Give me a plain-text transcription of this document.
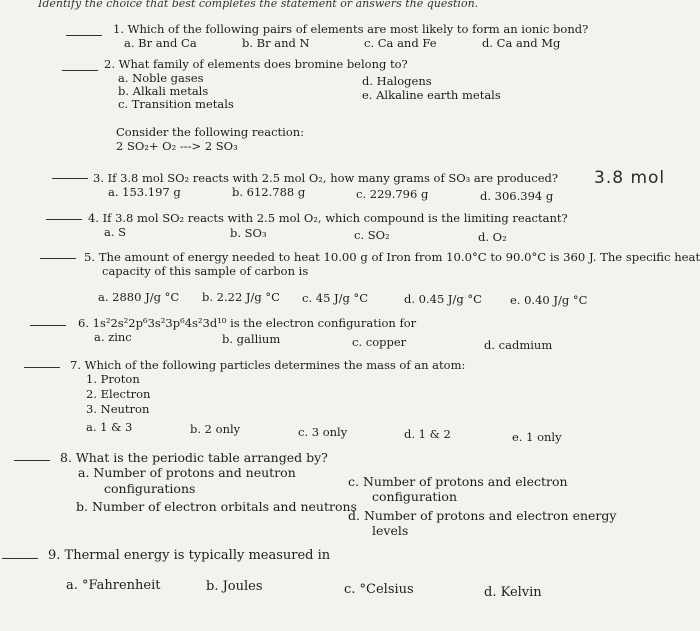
Identify the choice that best completes the statement or answers the question.
1. Which of the following pairs of elements are most likely to form an ionic bond?
a. Br and Ca	b. Br and N	c. Ca and Fe	d. Ca and Mg
2. What family of elements does bromine belong to?
a. Noble gases
b. Alkali metals
c. Transition metals
d. Halogens
e. Alkaline earth metals
Consider the following reaction:
2 SO₂+ O₂ ---> 2 SO₃
3. If 3.8 mol SO₂ reacts with 2.5 mol O₂, how many grams of SO₃ are produced?
a. 153.197 g	b. 612.788 g	c. 229.796 g	d. 306.394 g
3.8 mol
4. If 3.8 mol SO₂ reacts with 2.5 mol O₂, which compound is the limiting reactant?
a. S	b. SO₃	c. SO₂	d. O₂
5. The amount of energy needed to heat 10.00 g of Iron from 10.0°C to 90.0°C is 360 J. The specific heat
capacity of this sample of carbon is
a. 2880 J/g °C b. 2.22 J/g °C c. 45 J/g °C	d. 0.45 J/g °C e. 0.40 J/g °C
6. 1s²2s²2p⁶3s²3p⁶4s²3d¹⁰ is the electron configuration for
a. zinc	b. gallium	c. copper	d. cadmium
7. Which of the following particles determines the mass of an atom:
1. Proton
2. Electron
3. Neutron
a. 1 & 3	b. 2 only	c. 3 only	d. 1 & 2	e. 1 only
8. What is the periodic table arranged by?
a. Number of protons and neutron
configurations
b. Number of electron orbitals and neutrons
c. Number of protons and electron
configuration
d. Number of protons and electron energy
levels
9. Thermal energy is typically measured in
a. °Fahrenheit	b. Joules	c. °Celsius	d. Kelvin
